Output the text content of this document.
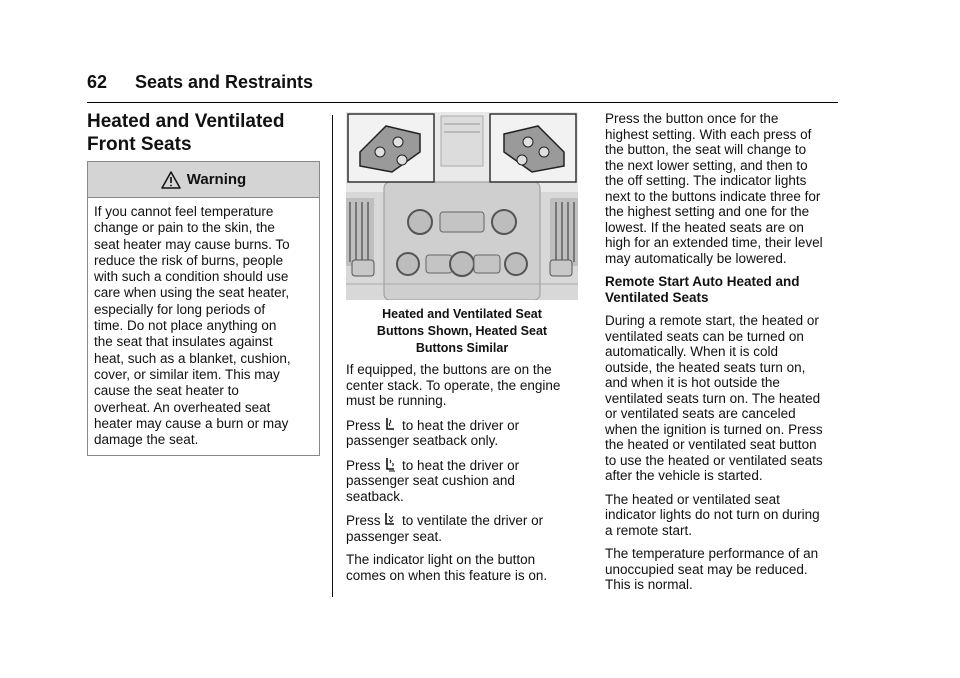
62 Seats and Restraints
Heated and Ventilated
Front Seats
Warning
If you cannot feel temperature
change or pain to the skin, the
seat heater may cause burns. To
reduce the risk of burns, people
with such a condition should use
care when using the seat heater,
especially for long periods of
time. Do not place anything on
the seat that insulates against
heat, such as a blanket, cushion,
cover, or similar item. This may
cause the seat heater to
overheat. An overheated seat
heater may cause a burn or may
damage the seat.
Heated and Ventilated Seat
Buttons Shown, Heated Seat
Buttons Similar

If equipped, the buttons are on the
center stack. To operate, the engine
must be running.

Press to heat the driver or
passenger seatback only.

Press to heat the driver or
passenger seat cushion and
seatback.

Press to ventilate the driver or
passenger seat.

The indicator light on the button
comes on when this feature is on.

Press the button once for the
highest setting. With each press of
the button, the seat will change to
the next lower setting, and then to
the off setting. The indicator lights
next to the buttons indicate three for
the highest setting and one for the
lowest. If the heated seats are on
high for an extended time, their level
may automatically be lowered.

Remote Start Auto Heated and
Ventilated Seats

During a remote start, the heated or
ventilated seats can be turned on
automatically. When it is cold
outside, the heated seats turn on,
and when it is hot outside the
ventilated seats turn on. The heated
or ventilated seats are canceled
when the ignition is turned on. Press
the heated or ventilated seat button
to use the heated or ventilated seats
after the vehicle is started.

The heated or ventilated seat
indicator lights do not turn on during
a remote start.

The temperature performance of an
unoccupied seat may be reduced.
This is normal.
